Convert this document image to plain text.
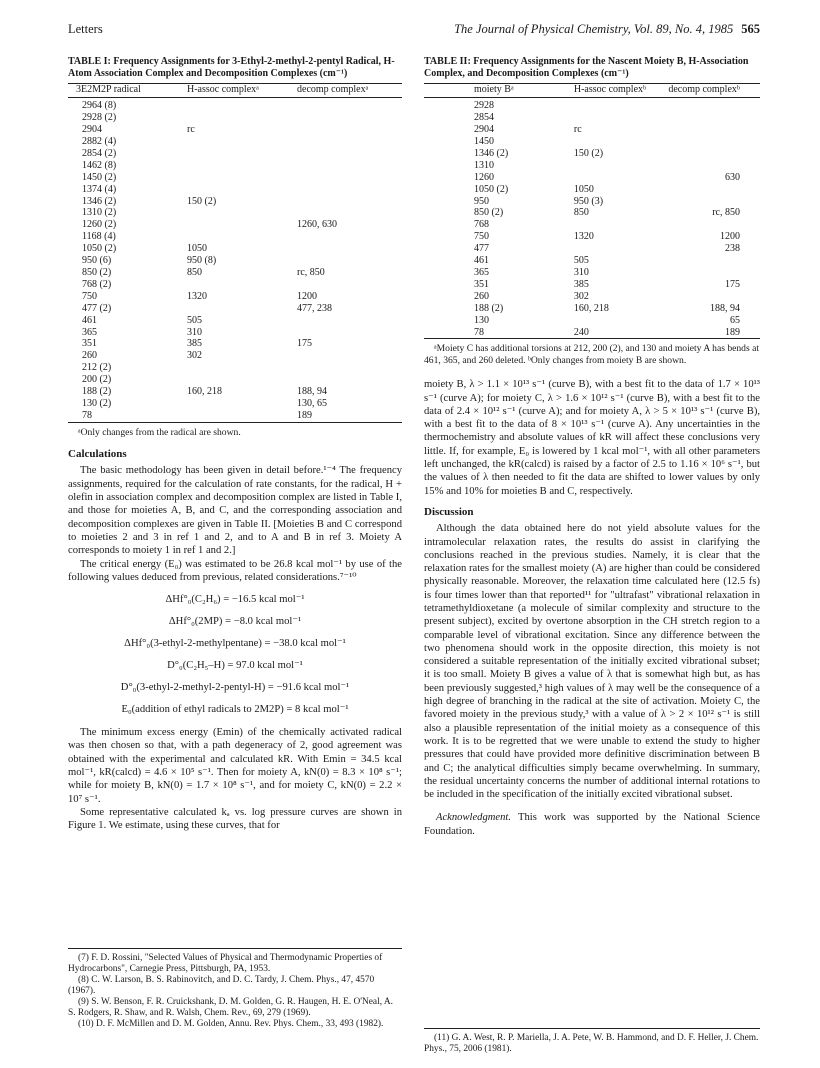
Letters	The Journal of Physical Chemistry, Vol. 89, No. 4, 1985 565
TABLE I: Frequency Assignments for 3-Ethyl-2-methyl-2-pentyl Radical, H-Atom Association Complex and Decomposition Complexes (cm⁻¹)
3E2M2P radical	H-assoc complexᵃ	decomp complexᵃ
2964 (8)		
2928 (2)		
2904	rc	
2882 (4)		
2854 (2)		
1462 (8)		
1450 (2)		
1374 (4)		
1346 (2)	150 (2)	
1310 (2)		
1260 (2)		1260, 630
1168 (4)		
1050 (2)	1050	
950 (6)	950 (8)	
850 (2)	850	rc, 850
768 (2)		
750	1320	1200
477 (2)		477, 238
461	505	
365	310	
351	385	175
260	302	
212 (2)		
200 (2)		
188 (2)	160, 218	188, 94
130 (2)		130, 65
78		189
ᵃOnly changes from the radical are shown.
Calculations

The basic methodology has been given in detail before.¹⁻⁴ The frequency assignments, required for the calculation of rate constants, for the radical, H + olefin in association complex and decomposition complex are listed in Table I, and those for moieties A, B, and C, and the corresponding association and decomposition complexes are given in Table II. [Moieties B and C correspond to moieties 2 and 3 in ref 1 and 2, and to A and B in ref 3. Moiety A corresponds to moiety 1 in ref 1 and 2.]

The critical energy (E₀) was estimated to be 26.8 kcal mol⁻¹ by use of the following values deduced from previous, related considerations.⁷⁻¹⁰

ΔHf°₀(C₂H₆) = −16.5 kcal mol⁻¹
ΔHf°₀(2MP) = −8.0 kcal mol⁻¹
ΔHf°₀(3-ethyl-2-methylpentane) = −38.0 kcal mol⁻¹
D°₀(C₂H₅–H) = 97.0 kcal mol⁻¹
D°₀(3-ethyl-2-methyl-2-pentyl-H) = −91.6 kcal mol⁻¹
E₀(addition of ethyl radicals to 2M2P) = 8 kcal mol⁻¹

The minimum excess energy (Emin) of the chemically activated radical was then chosen so that, with a path degeneracy of 2, good agreement was obtained with the experimental and calculated kR. With Emin = 34.5 kcal mol⁻¹, kR(calcd) = 4.6 × 10⁵ s⁻¹. Then for moiety A, kN(0) = 8.3 × 10⁸ s⁻¹; while for moiety B, kN(0) = 1.7 × 10⁸ s⁻¹, and for moiety C, kN(0) = 2.2 × 10⁷ s⁻¹.

Some representative calculated kₐ vs. log pressure curves are shown in Figure 1. We estimate, using these curves, that for

(7) F. D. Rossini, "Selected Values of Physical and Thermodynamic Properties of Hydrocarbons", Carnegie Press, Pittsburgh, PA, 1953.
(8) C. W. Larson, B. S. Rabinovitch, and D. C. Tardy, J. Chem. Phys., 47, 4570 (1967).
(9) S. W. Benson, F. R. Cruickshank, D. M. Golden, G. R. Haugen, H. E. O'Neal, A. S. Rodgers, R. Shaw, and R. Walsh, Chem. Rev., 69, 279 (1969).
(10) D. F. McMillen and D. M. Golden, Annu. Rev. Phys. Chem., 33, 493 (1982).
TABLE II: Frequency Assignments for the Nascent Moiety B, H-Association Complex, and Decomposition Complexes (cm⁻¹)
moiety Bᵃ	H-assoc complexᵇ	decomp complexᵇ
2928		
2854		
2904	rc	
1450		
1346 (2)	150 (2)	
1310		
1260		630
1050 (2)	1050	
950	950 (3)	
850 (2)	850	rc, 850
768		
750	1320	1200
477		238
461	505	
365	310	
351	385	175
260	302	
188 (2)	160, 218	188, 94
130		65
78	240	189
ᵃMoiety C has additional torsions at 212, 200 (2), and 130 and moiety A has bends at 461, 365, and 260 deleted. ᵇOnly changes from moiety B are shown.

moiety B, λ > 1.1 × 10¹³ s⁻¹ (curve B), with a best fit to the data of 1.7 × 10¹³ s⁻¹ (curve A); for moiety C, λ > 1.6 × 10¹² s⁻¹ (curve B), with a best fit to the data of 2.4 × 10¹² s⁻¹ (curve A); and for moiety A, λ > 5 × 10¹³ s⁻¹ (curve B), with a best fit to the data of 8 × 10¹³ s⁻¹ (curve A). Any uncertainties in the thermochemistry and absolute values of kR will affect these conclusions very little. If, for example, E₀ is lowered by 1 kcal mol⁻¹, with all other parameters left unchanged, the kR(calcd) is raised by a factor of 2.5 to 1.16 × 10⁶ s⁻¹, but the values of λ then needed to fit the data are shifted to lower values by only 15% and 10% for moieties B and C, respectively.

Discussion

Although the data obtained here do not yield absolute values for the intramolecular relaxation rates, the results do assist in clarifying the conclusions reached in the previous studies. Namely, it is clear that the relaxation rates for the smallest moiety (A) are higher than could be considered physically reasonable. Moreover, the relaxation time calculated here (12.5 fs) is four times lower than that reported¹¹ for "ultrafast" vibrational relaxation in tetramethyldioxetane (a molecule of similar complexity and structure to the present subject), excited by overtone absorption in the CH stretch region to a comparable level of vibrational excitation. Since any difference between the two phenomena should work in the opposite direction, this moiety is not considered a suitable representation of the initially excited vibrational subset; it is too small. Moiety B gives a value of λ that is somewhat high but, as has been previously suggested,³ high values of λ may well be the consequence of a high degree of branching in the radical at the site of activation. Moiety C, the favored moiety in the previous study,³ with a value of λ > 2 × 10¹² s⁻¹ is still also a plausible representation of the initial moiety as a consequence of this work. It is to be regretted that we were unable to extend the study to higher pressures that could have provided more definitive discrimination between B and C; the analytical difficulties simply became overwhelming. In summary, the residual uncertainty concerns the number of additional internal rotations to be included in the specification of the initially excited vibrational subset.

Acknowledgment. This work was supported by the National Science Foundation.

(11) G. A. West, R. P. Mariella, J. A. Pete, W. B. Hammond, and D. F. Heller, J. Chem. Phys., 75, 2006 (1981).
